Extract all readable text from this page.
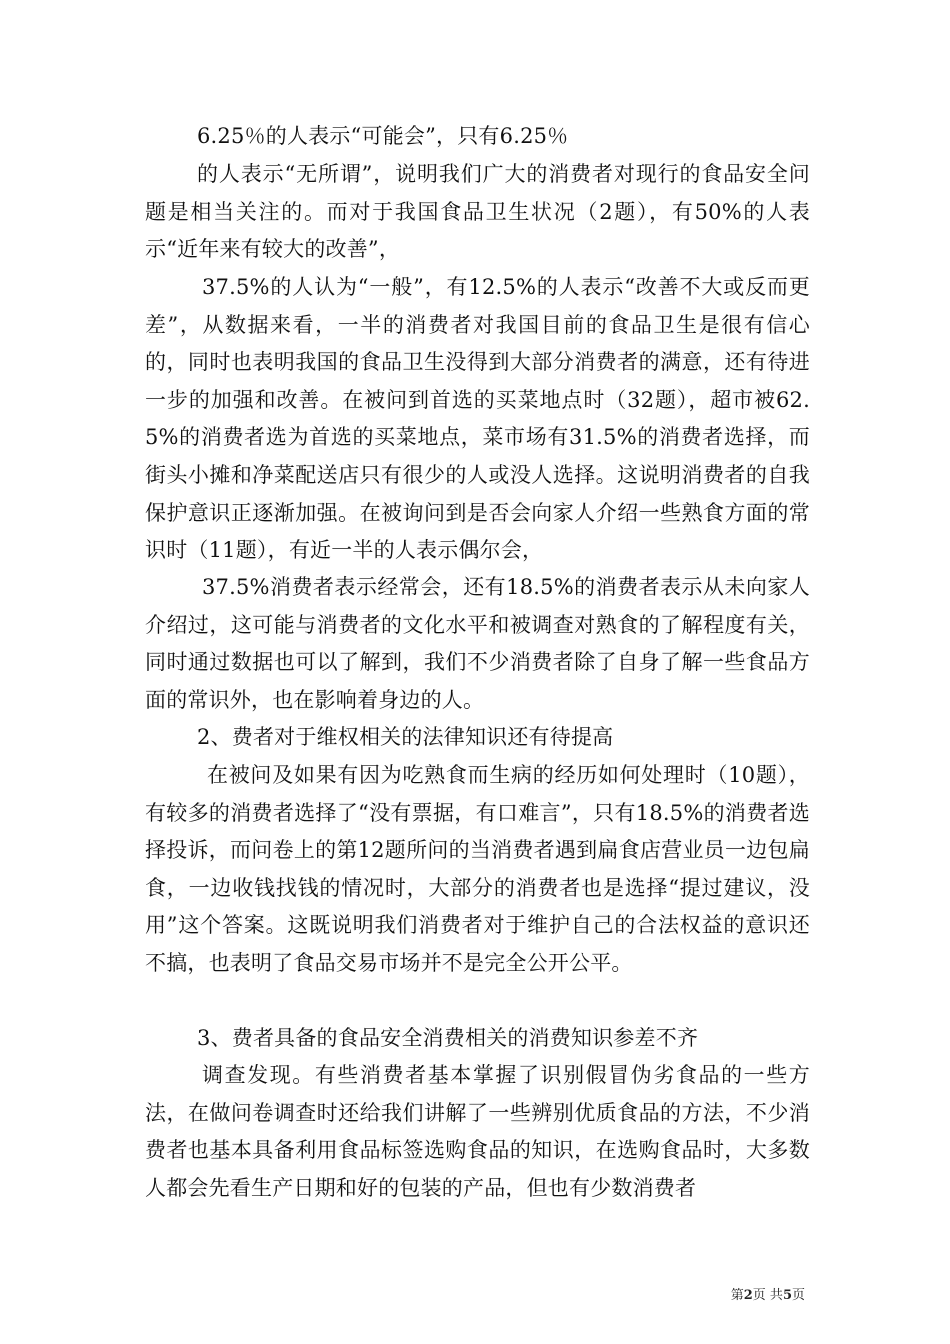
6.25％的人表示“可能会”，只有6.25％

的人表示“无所谓”，说明我们广大的消费者对现行的食品安全问题是相当关注的。而对于我国食品卫生状况（2题），有50%的人表示“近年来有较大的改善”，

37.5%的人认为“一般”，有12.5%的人表示“改善不大或反而更差”，从数据来看，一半的消费者对我国目前的食品卫生是很有信心的，同时也表明我国的食品卫生没得到大部分消费者的满意，还有待进一步的加强和改善。在被问到首选的买菜地点时（32题），超市被62.5%的消费者选为首选的买菜地点，菜市场有31.5%的消费者选择，而街头小摊和净菜配送店只有很少的人或没人选择。这说明消费者的自我保护意识正逐渐加强。在被询问到是否会向家人介绍一些熟食方面的常识时（11题），有近一半的人表示偶尔会，

37.5%消费者表示经常会，还有18.5%的消费者表示从未向家人介绍过，这可能与消费者的文化水平和被调查对熟食的了解程度有关，同时通过数据也可以了解到，我们不少消费者除了自身了解一些食品方面的常识外，也在影响着身边的人。

2、费者对于维权相关的法律知识还有待提高

在被问及如果有因为吃熟食而生病的经历如何处理时（10题），有较多的消费者选择了“没有票据，有口难言”，只有18.5%的消费者选择投诉，而问卷上的第12题所问的当消费者遇到扁食店营业员一边包扁食，一边收钱找钱的情况时，大部分的消费者也是选择“提过建议，没用”这个答案。这既说明我们消费者对于维护自己的合法权益的意识还不搞，也表明了食品交易市场并不是完全公开公平。

3、费者具备的食品安全消费相关的消费知识参差不齐

调查发现。有些消费者基本掌握了识别假冒伪劣食品的一些方法，在做问卷调查时还给我们讲解了一些辨别优质食品的方法，不少消费者也基本具备利用食品标签选购食品的知识，在选购食品时，大多数人都会先看生产日期和好的包装的产品，但也有少数消费者

第2页 共5页
